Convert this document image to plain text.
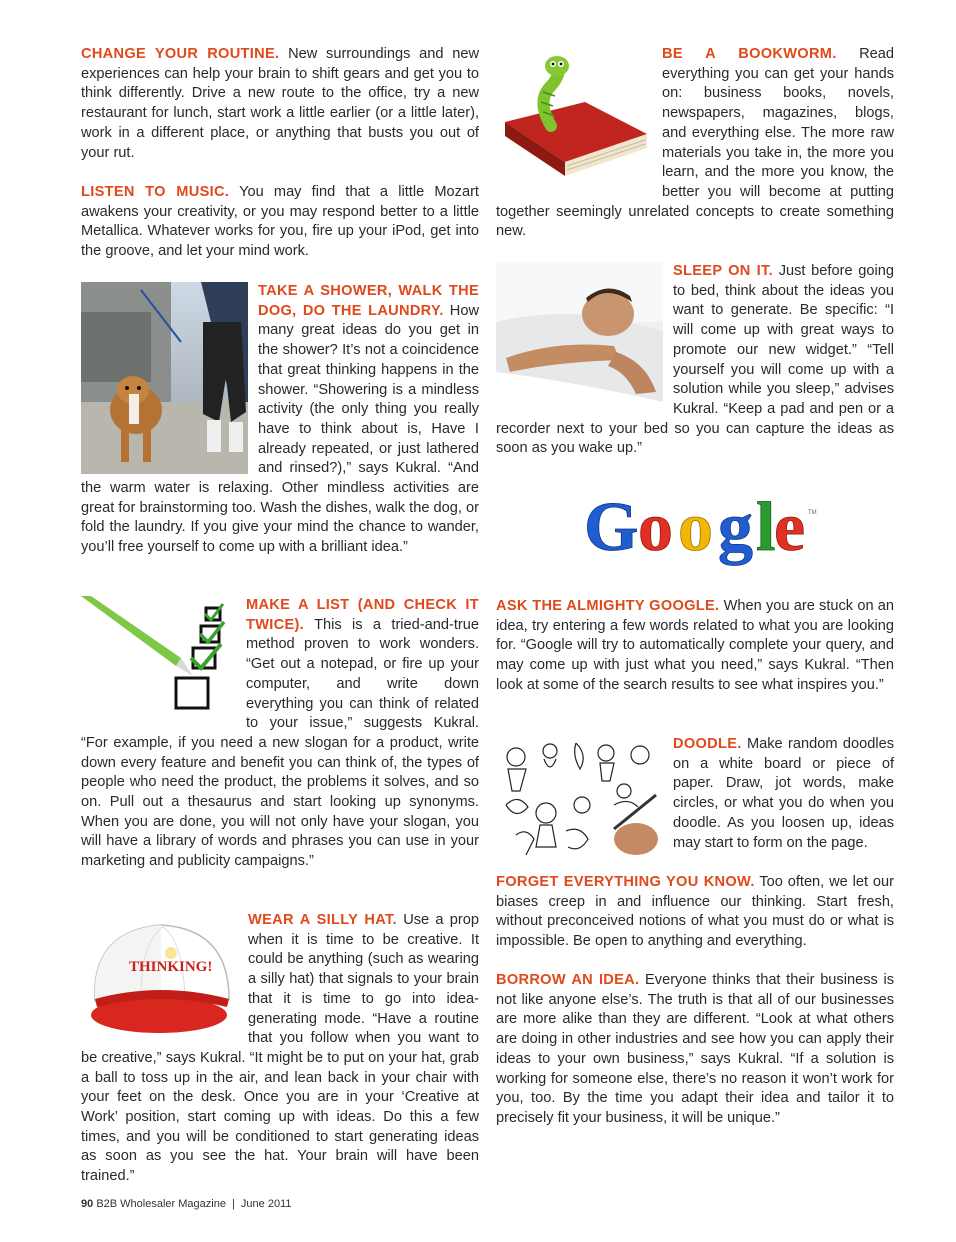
CHANGE YOUR ROUTINE. New surroundings and new experiences can help your brain to shift gears and get you to think differently. Drive a new route to the office, try a new restaurant for lunch, start work a little earlier (or a little later), work in a different place, or anything that busts you out of your rut.
LISTEN TO MUSIC. You may find that a little Mozart awakens your creativity, or you may respond better to a little Metallica. Whatever works for you, fire up your iPod, get into the groove, and let your mind work.
TAKE A SHOWER, WALK THE DOG, DO THE LAUNDRY. How many great ideas do you get in the shower? It’s not a coincidence that great thinking happens in the shower. “Showering is a mindless activity (the only thing you really have to think about is, Have I already repeated, or just lathered and rinsed?),” says Kukral. “And the warm water is relaxing. Other mindless activities are great for brainstorming too. Wash the dishes, walk the dog, or fold the laundry. If you give your mind the chance to wander, you’ll free yourself to come up with a brilliant idea.”
MAKE A LIST (AND CHECK IT TWICE). This is a tried-and-true method proven to work wonders. “Get out a notepad, or fire up your computer, and write down everything you can think of related to your issue,” suggests Kukral. “For example, if you need a new slogan for a product, write down every feature and benefit you can think of, the types of people who need the product, the problems it solves, and so on. Pull out a thesaurus and start looking up synonyms. When you are done, you will not only have your slogan, you will have a library of words and phrases you can use in your marketing and publicity campaigns.”
THINKING!
WEAR A SILLY HAT. Use a prop when it is time to be creative. It could be anything (such as wearing a silly hat) that signals to your brain that it is time to go into idea-generating mode. “Have a routine that you follow when you want to be creative,” says Kukral. “It might be to put on your hat, grab a ball to toss up in the air, and lean back in your chair with your feet on the desk. Once you are in your ‘Creative at Work’ position, start coming up with ideas. Do this a few times, and you will be conditioned to start generating ideas as soon as you see the hat. Your brain will have been trained.”
BE A BOOKWORM. Read everything you can get your hands on: business books, novels, newspapers, magazines, blogs, and everything else. The more raw materials you take in, the more you learn, and the more you know, the better you will become at putting together seemingly unrelated concepts to create something new.
SLEEP ON IT. Just before going to bed, think about the ideas you want to generate. Be specific: “I will come up with great ways to promote our new widget.” “Tell yourself you will come up with a solution while you sleep,” advises Kukral. “Keep a pad and pen or a recorder next to your bed so you can capture the ideas as soon as you wake up.”
G o o g l
e TM
ASK THE ALMIGHTY GOOGLE. When you are stuck on an idea, try entering a few words related to what you are looking for. “Google will try to automatically complete your query, and may come up with just what you need,” says Kukral. “Then look at some of the search results to see what inspires you.”
DOODLE. Make random doodles on a white board or piece of paper. Draw, jot words, make circles, or what you do when you doodle. As you loosen up, ideas may start to form on the page.
FORGET EVERYTHING YOU KNOW. Too often, we let our biases creep in and influence our thinking. Start fresh, without preconceived notions of what you must do or what is impossible. Be open to anything and everything.
BORROW AN IDEA. Everyone thinks that their business is not like anyone else’s. The truth is that all of our businesses are more alike than they are different. “Look at what others are doing in other industries and see how you can apply their ideas to your own business,” says Kukral. “If a solution is working for someone else, there’s no reason it won’t work for you, too. By the time you adapt their idea and tailor it to precisely fit your business, it will be unique.”
90 B2B Wholesaler Magazine | June 2011
